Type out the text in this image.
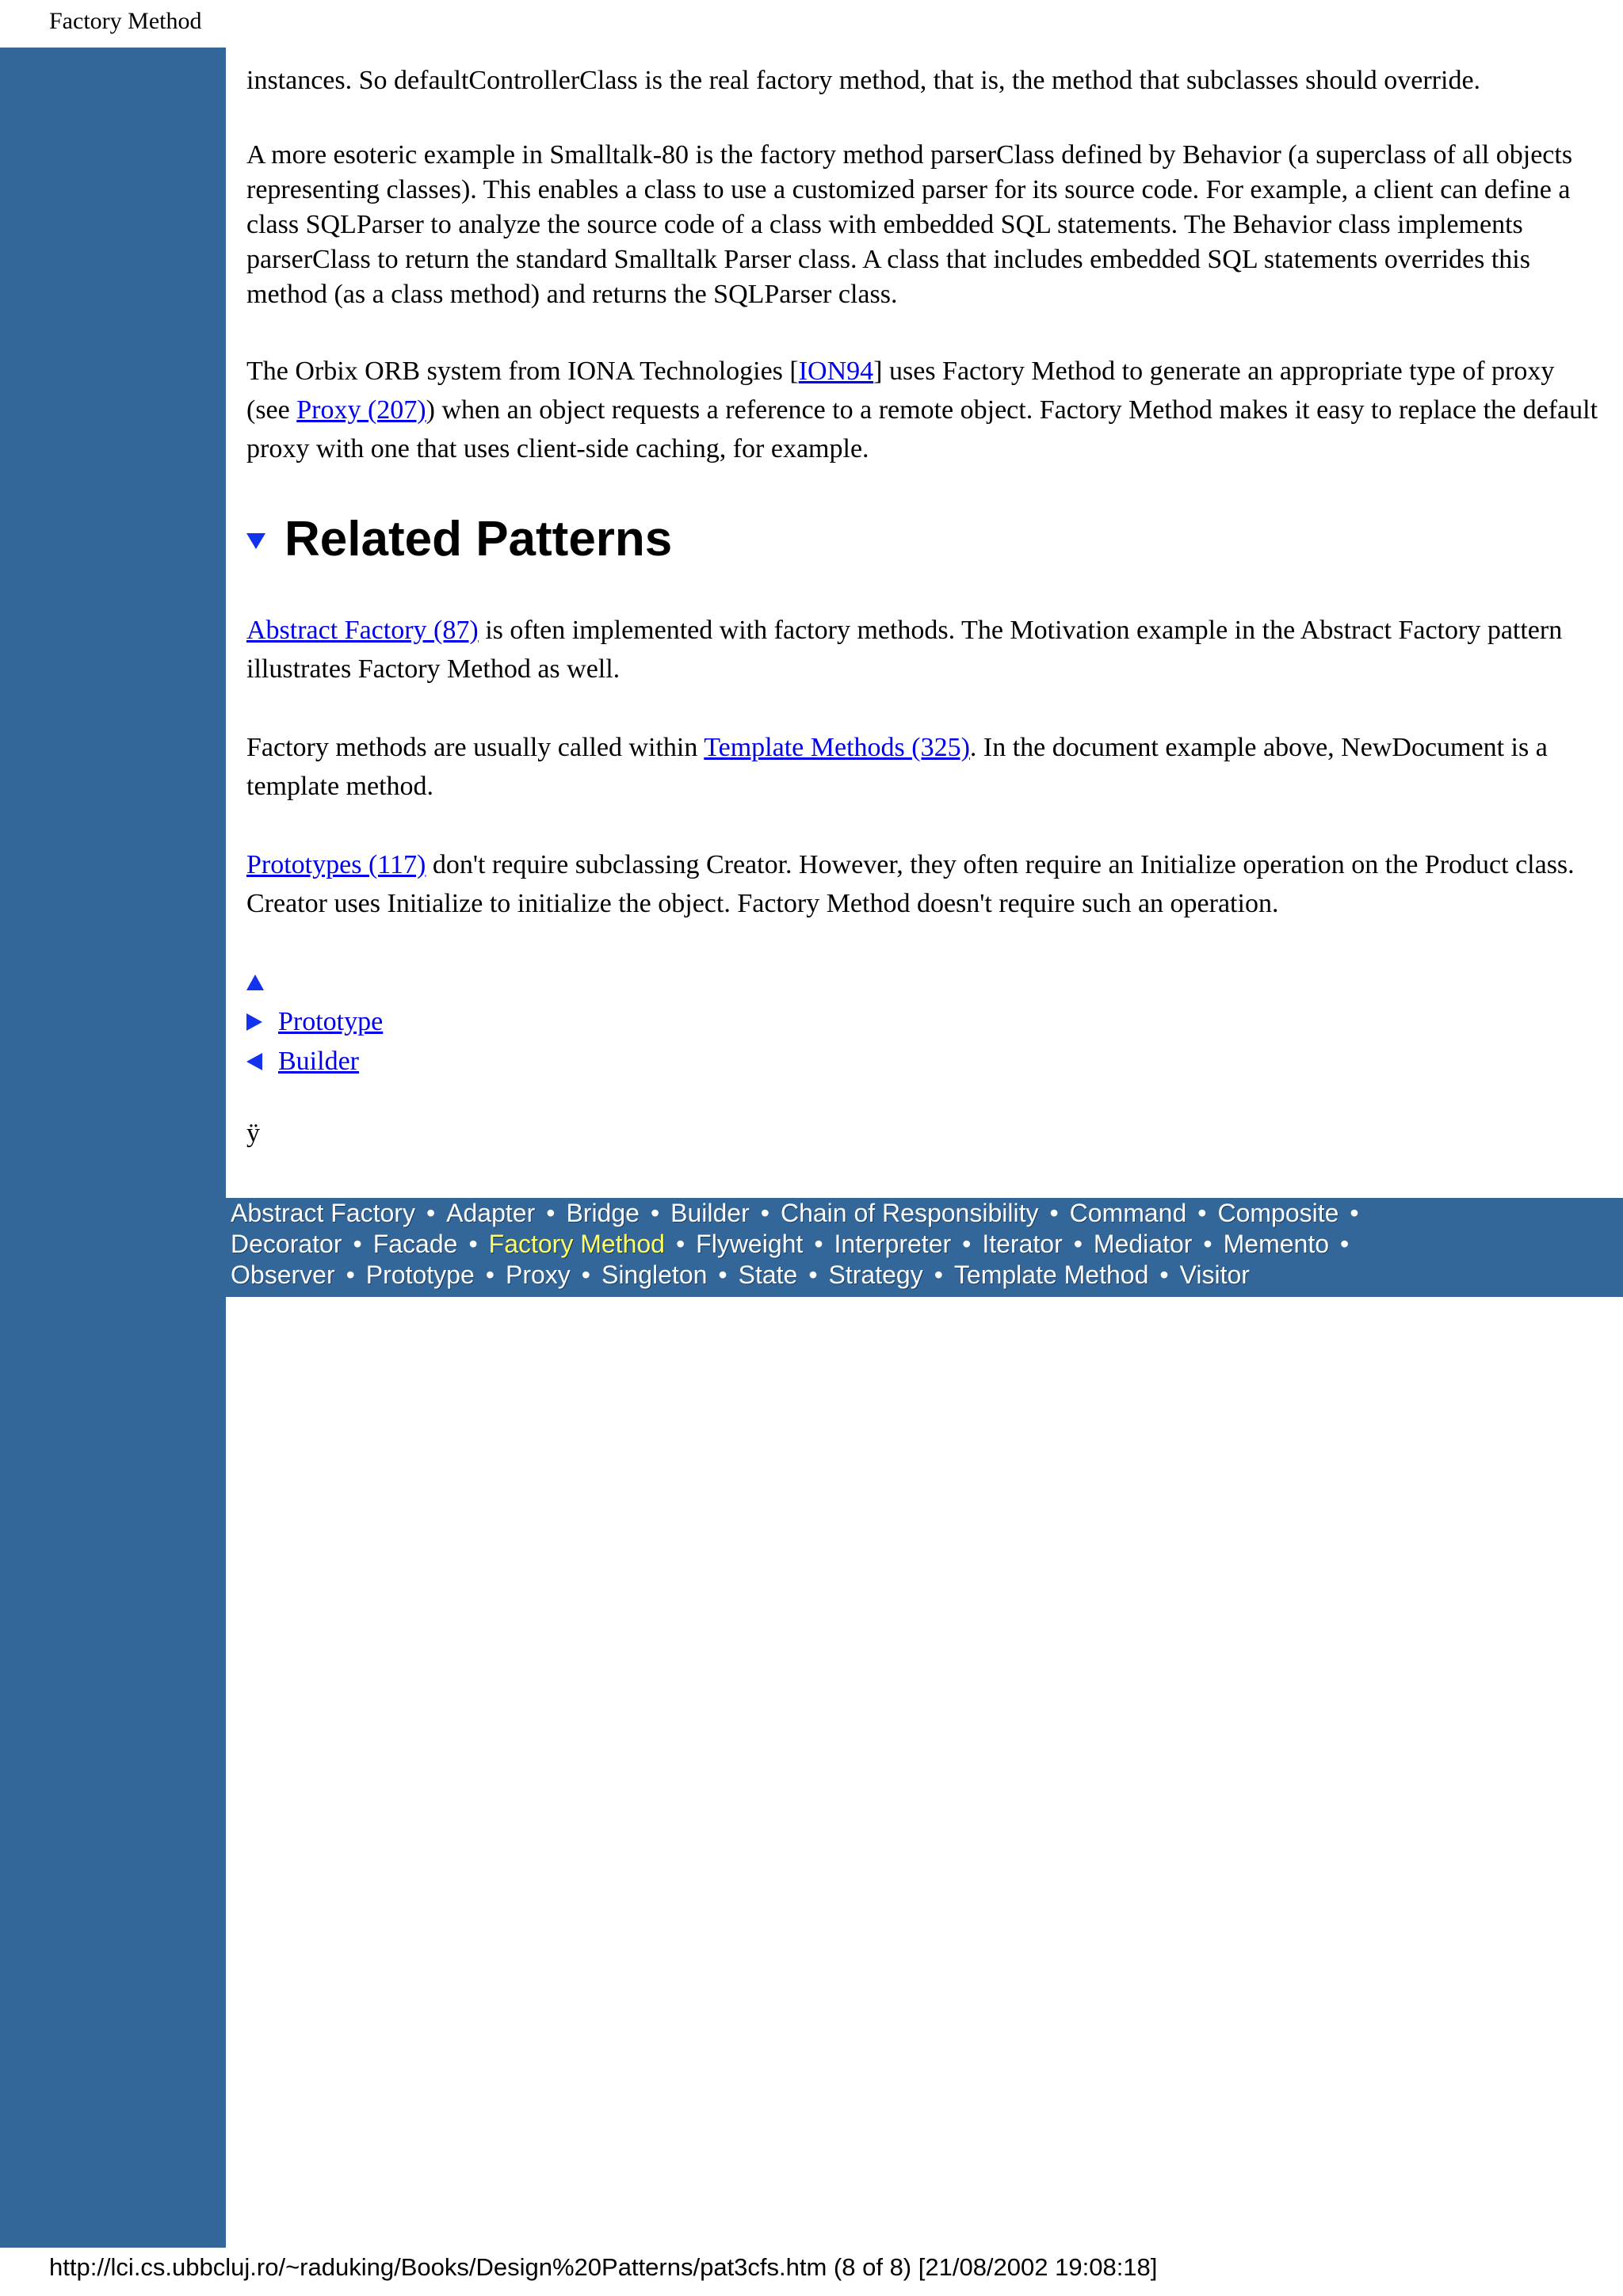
Factory Method

instances. So defaultControllerClass is the real factory method, that is, the method that subclasses should override.

A more esoteric example in Smalltalk-80 is the factory method parserClass defined by Behavior (a superclass of all objects representing classes). This enables a class to use a customized parser for its source code. For example, a client can define a class SQLParser to analyze the source code of a class with embedded SQL statements. The Behavior class implements parserClass to return the standard Smalltalk Parser class. A class that includes embedded SQL statements overrides this method (as a class method) and returns the SQLParser class.

The Orbix ORB system from IONA Technologies [ION94] uses Factory Method to generate an appropriate type of proxy (see Proxy (207)) when an object requests a reference to a remote object. Factory Method makes it easy to replace the default proxy with one that uses client-side caching, for example.

Related Patterns

Abstract Factory (87) is often implemented with factory methods. The Motivation example in the Abstract Factory pattern illustrates Factory Method as well.

Factory methods are usually called within Template Methods (325). In the document example above, NewDocument is a template method.

Prototypes (117) don't require subclassing Creator. However, they often require an Initialize operation on the Product class. Creator uses Initialize to initialize the object. Factory Method doesn't require such an operation.

Prototype
Builder
ÿ
Abstract Factory • Adapter • Bridge • Builder • Chain of Responsibility • Command • Composite •
Decorator • Facade • Factory Method • Flyweight • Interpreter • Iterator • Mediator • Memento •
Observer • Prototype • Proxy • Singleton • State • Strategy • Template Method • Visitor
http://lci.cs.ubbcluj.ro/~raduking/Books/Design%20Patterns/pat3cfs.htm (8 of 8) [21/08/2002 19:08:18]
